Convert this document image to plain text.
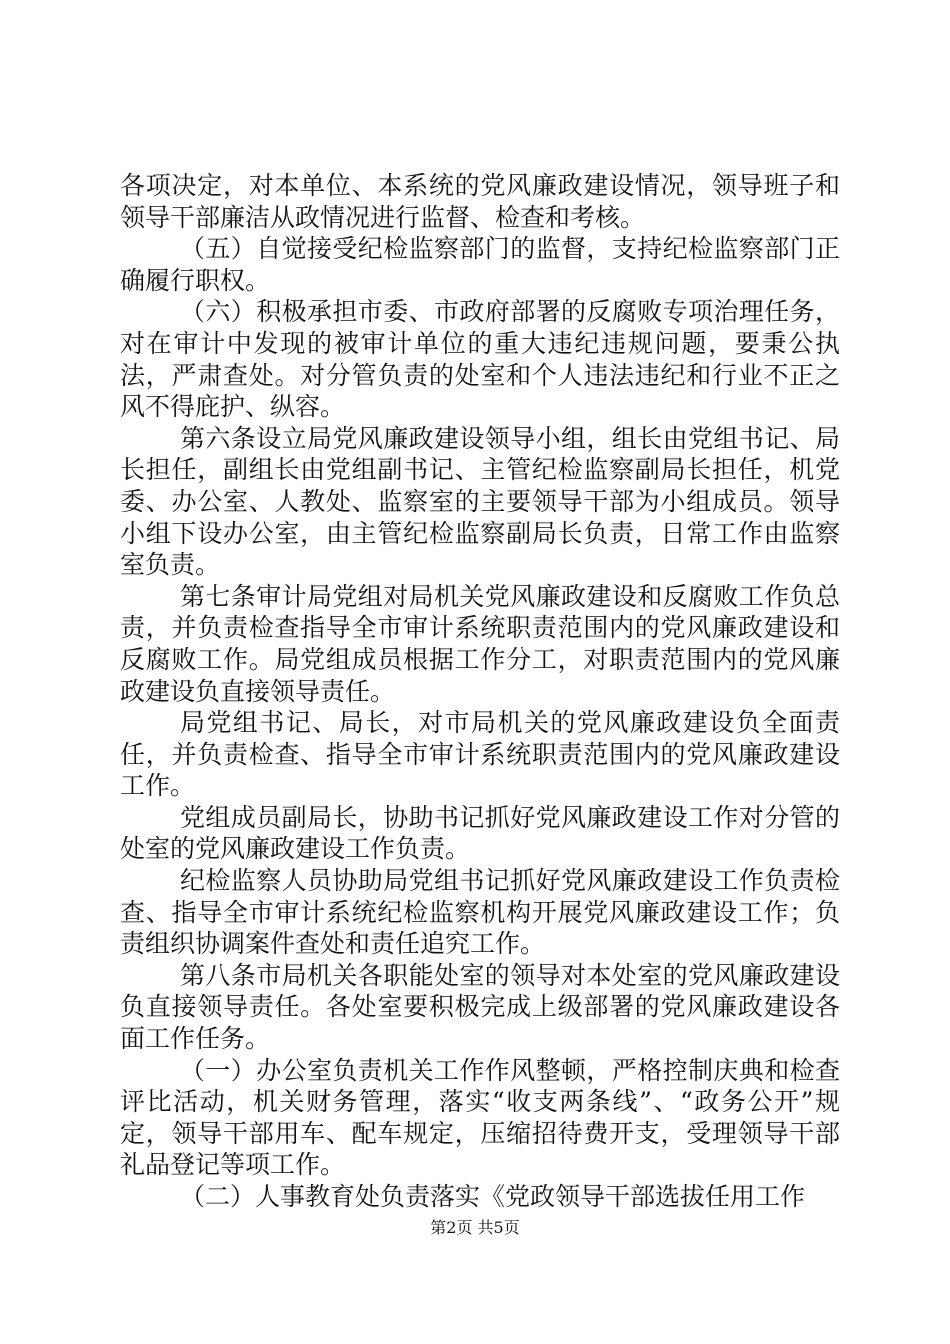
各项决定，对本单位、本系统的党风廉政建设情况，领导班子和领导干部廉洁从政情况进行监督、检查和考核。

（五）自觉接受纪检监察部门的监督，支持纪检监察部门正确履行职权。

（六）积极承担市委、市政府部署的反腐败专项治理任务，对在审计中发现的被审计单位的重大违纪违规问题，要秉公执法，严肃查处。对分管负责的处室和个人违法违纪和行业不正之风不得庇护、纵容。

第六条设立局党风廉政建设领导小组，组长由党组书记、局长担任，副组长由党组副书记、主管纪检监察副局长担任，机党委、办公室、人教处、监察室的主要领导干部为小组成员。领导小组下设办公室，由主管纪检监察副局长负责，日常工作由监察室负责。

第七条审计局党组对局机关党风廉政建设和反腐败工作负总责，并负责检查指导全市审计系统职责范围内的党风廉政建设和反腐败工作。局党组成员根据工作分工，对职责范围内的党风廉政建设负直接领导责任。

局党组书记、局长，对市局机关的党风廉政建设负全面责任，并负责检查、指导全市审计系统职责范围内的党风廉政建设工作。

党组成员副局长，协助书记抓好党风廉政建设工作对分管的处室的党风廉政建设工作负责。

纪检监察人员协助局党组书记抓好党风廉政建设工作负责检查、指导全市审计系统纪检监察机构开展党风廉政建设工作；负责组织协调案件查处和责任追究工作。

第八条市局机关各职能处室的领导对本处室的党风廉政建设负直接领导责任。各处室要积极完成上级部署的党风廉政建设各面工作任务。

（一）办公室负责机关工作作风整顿，严格控制庆典和检查评比活动，机关财务管理，落实“收支两条线”、“政务公开”规定，领导干部用车、配车规定，压缩招待费开支，受理领导干部礼品登记等项工作。

（二）人事教育处负责落实《党政领导干部选拔任用工作

第2页 共5页
